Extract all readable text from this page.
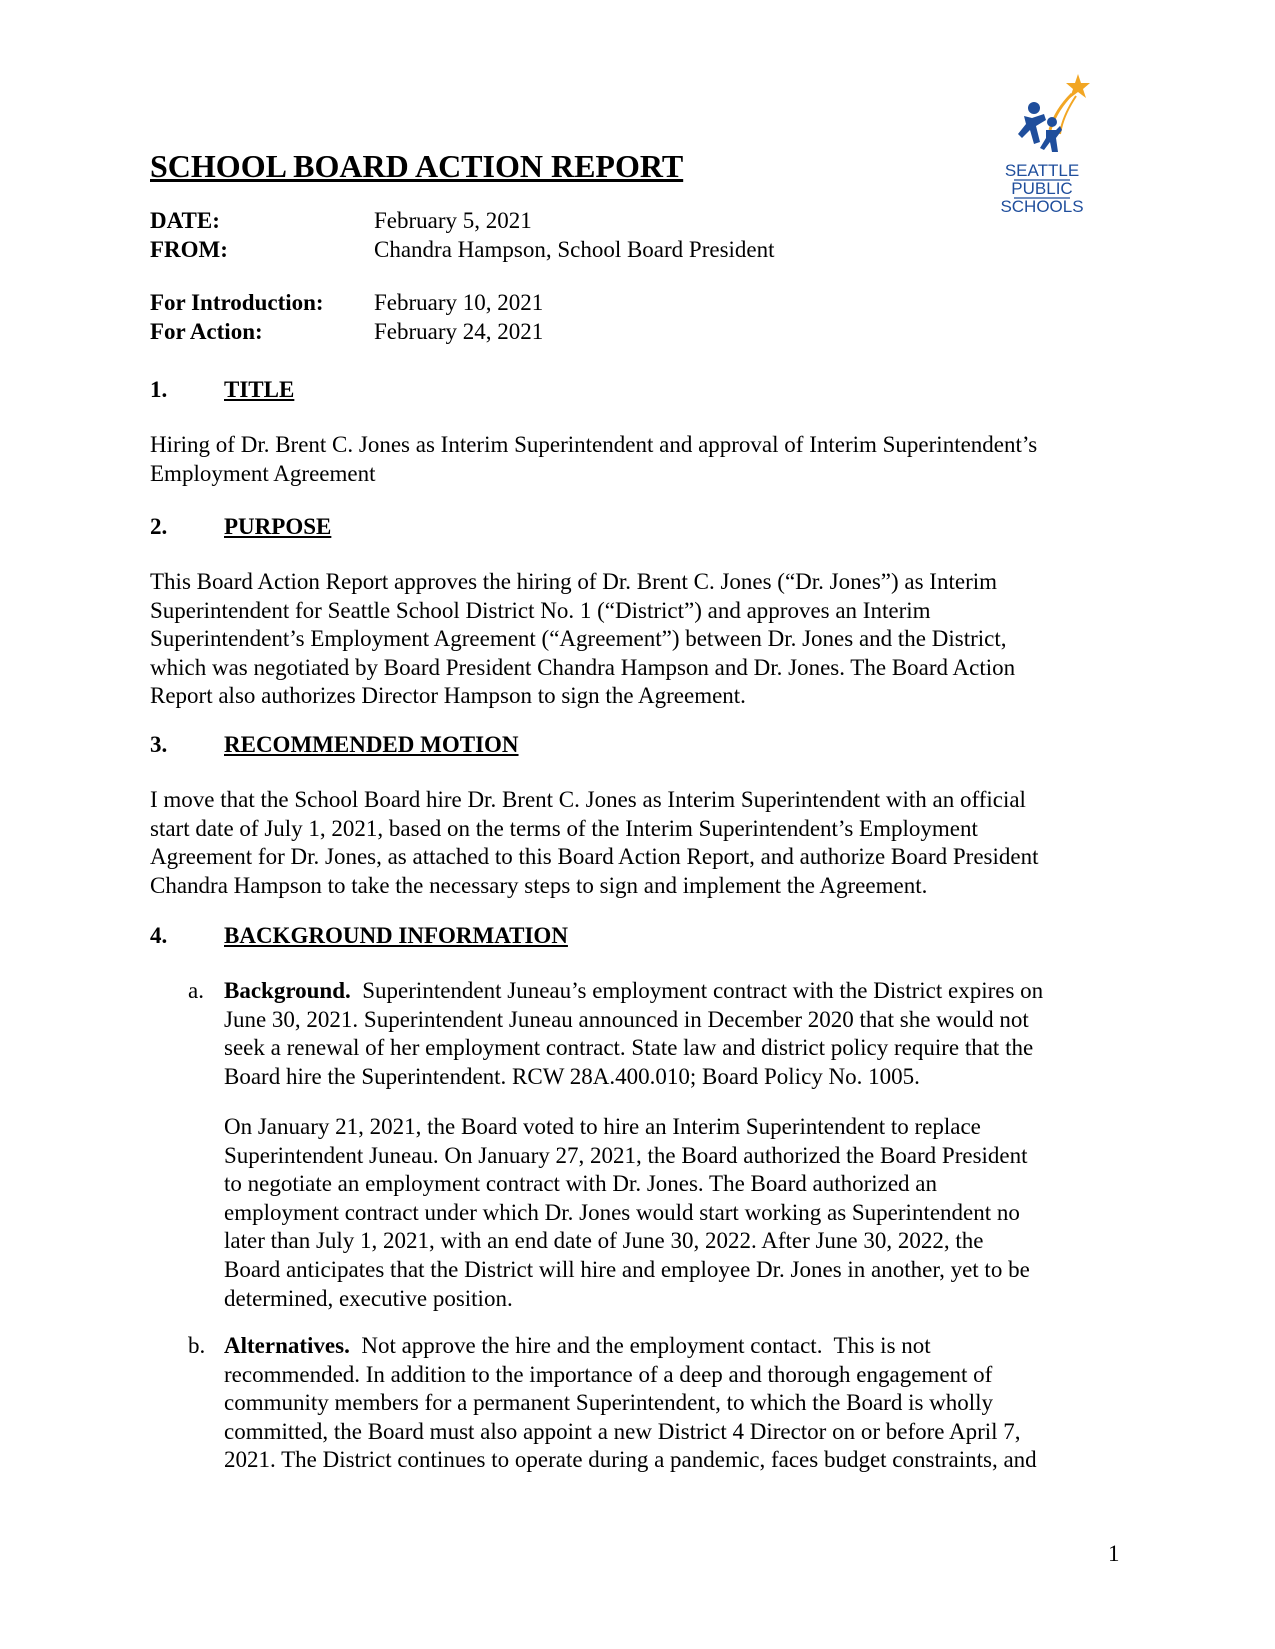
SCHOOL BOARD ACTION REPORT	SEATTLE
PUBLIC
SCHOOLS
DATE:	February 5, 2021
FROM:	Chandra Hampson, School Board President
For Introduction: February 10, 2021
For Action:	February 24, 2021
1. TITLE
Hiring of Dr. Brent C. Jones as Interim Superintendent and approval of Interim Superintendent’s
Employment Agreement
2. PURPOSE
This Board Action Report approves the hiring of Dr. Brent C. Jones (“Dr. Jones”) as Interim
Superintendent for Seattle School District No. 1 (“District”) and approves an Interim
Superintendent’s Employment Agreement (“Agreement”) between Dr. Jones and the District,
which was negotiated by Board President Chandra Hampson and Dr. Jones. The Board Action
Report also authorizes Director Hampson to sign the Agreement.
3. RECOMMENDED MOTION
I move that the School Board hire Dr. Brent C. Jones as Interim Superintendent with an official
start date of July 1, 2021, based on the terms of the Interim Superintendent’s Employment
Agreement for Dr. Jones, as attached to this Board Action Report, and authorize Board President
Chandra Hampson to take the necessary steps to sign and implement the Agreement.
4. BACKGROUND INFORMATION
a. Background.  Superintendent Juneau’s employment contract with the District expires on
June 30, 2021. Superintendent Juneau announced in December 2020 that she would not
seek a renewal of her employment contract. State law and district policy require that the
Board hire the Superintendent. RCW 28A.400.010; Board Policy No. 1005.
On January 21, 2021, the Board voted to hire an Interim Superintendent to replace
Superintendent Juneau. On January 27, 2021, the Board authorized the Board President
to negotiate an employment contract with Dr. Jones. The Board authorized an
employment contract under which Dr. Jones would start working as Superintendent no
later than July 1, 2021, with an end date of June 30, 2022. After June 30, 2022, the
Board anticipates that the District will hire and employee Dr. Jones in another, yet to be
determined, executive position.
b. Alternatives.  Not approve the hire and the employment contact.  This is not
recommended. In addition to the importance of a deep and thorough engagement of
community members for a permanent Superintendent, to which the Board is wholly
committed, the Board must also appoint a new District 4 Director on or before April 7,
2021. The District continues to operate during a pandemic, faces budget constraints, and
1
